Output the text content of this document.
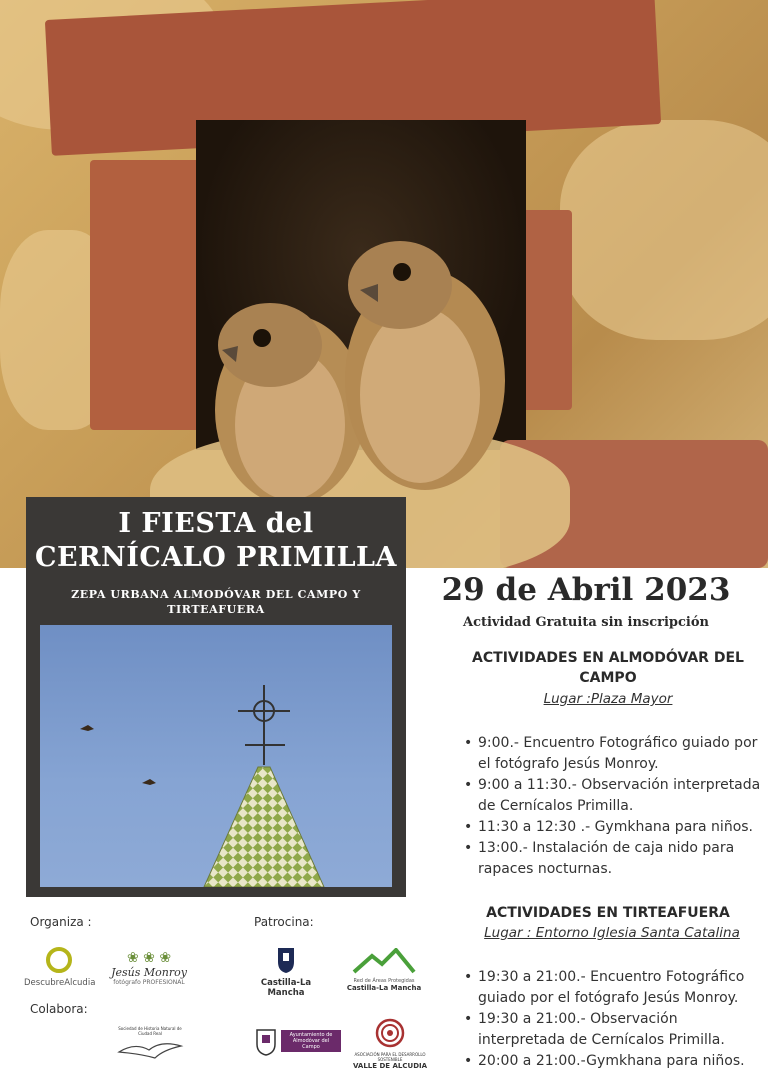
I FIESTA del CERNÍCALO PRIMILLA
ZEPA URBANA ALMODÓVAR DEL CAMPO Y TIRTEAFUERA
29 de Abril 2023
Actividad Gratuita sin inscripción
ACTIVIDADES EN ALMODÓVAR DEL CAMPO
Lugar :Plaza Mayor
• 9:00.- Encuentro Fotográfico guiado por el fotógrafo Jesús Monroy.
• 9:00 a 11:30.- Observación interpretada de Cernícalos Primilla.
• 11:30 a 12:30 .- Gymkhana para niños.
• 13:00.- Instalación de caja nido para rapaces nocturnas.
ACTIVIDADES EN TIRTEAFUERA
Lugar : Entorno Iglesia Santa Catalina
• 19:30 a 21:00.- Encuentro Fotográfico guiado por el fotógrafo Jesús Monroy.
• 19:30 a 21:00.- Observación interpretada de Cernícalos Primilla.
• 20:00 a 21:00.-Gymkhana para niños.
Organiza :	Patrocina:
Colabora:
DescubreAlcudia
❀ ❀ ❀
Jesús Monroy
fotógrafo PROFESIONAL	Castilla-La Mancha
Red de Áreas Protegidas
Castilla-La Mancha
Sociedad de Historia Natural de Ciudad Real	Ayuntamiento de Almodóvar del Campo
ASOCIACIÓN PARA EL DESARROLLO SOSTENIBLE
VALLE DE ALCUDIA
